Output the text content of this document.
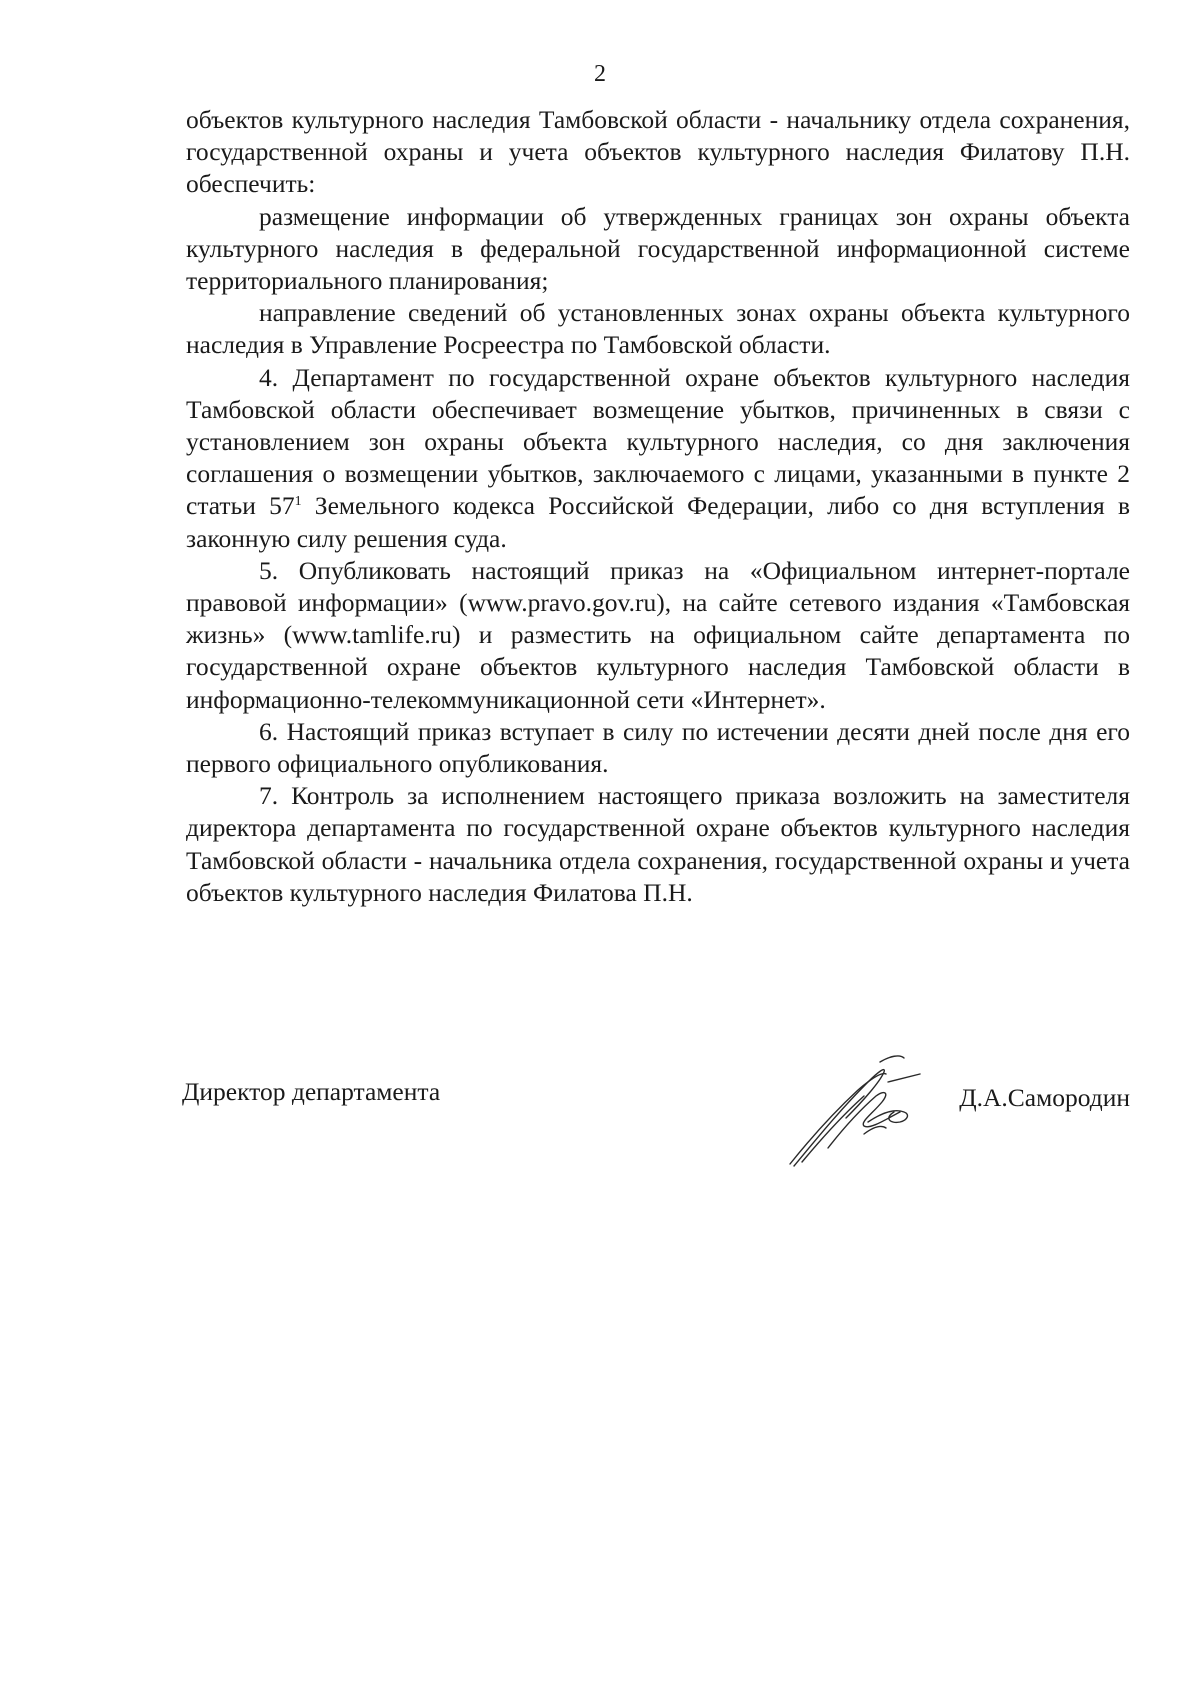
2

объектов культурного наследия Тамбовской области - начальнику отдела сохранения, государственной охраны и учета объектов культурного наследия Филатову П.Н. обеспечить:

размещение информации об утвержденных границах зон охраны объекта культурного наследия в федеральной государственной информационной системе территориального планирования;

направление сведений об установленных зонах охраны объекта культурного наследия в Управление Росреестра по Тамбовской области.

4. Департамент по государственной охране объектов культурного наследия Тамбовской области обеспечивает возмещение убытков, причиненных в связи с установлением зон охраны объекта культурного наследия, со дня заключения соглашения о возмещении убытков, заключаемого с лицами, указанными в пункте 2 статьи $57^1$ Земельного кодекса Российской Федерации, либо со дня вступления в законную силу решения суда.

5. Опубликовать настоящий приказ на «Официальном интернет-портале правовой информации» (www.pravo.gov.ru), на сайте сетевого издания «Тамбовская жизнь» (www.tamlife.ru) и разместить на официальном сайте департамента по государственной охране объектов культурного наследия Тамбовской области в информационно-телекоммуникационной сети «Интернет».

6. Настоящий приказ вступает в силу по истечении десяти дней после дня его первого официального опубликования.

7. Контроль за исполнением настоящего приказа возложить на заместителя директора департамента по государственной охране объектов культурного наследия Тамбовской области - начальника отдела сохранения, государственной охраны и учета объектов культурного наследия Филатова П.Н.

Директор департамента	Д.А.Самородин
